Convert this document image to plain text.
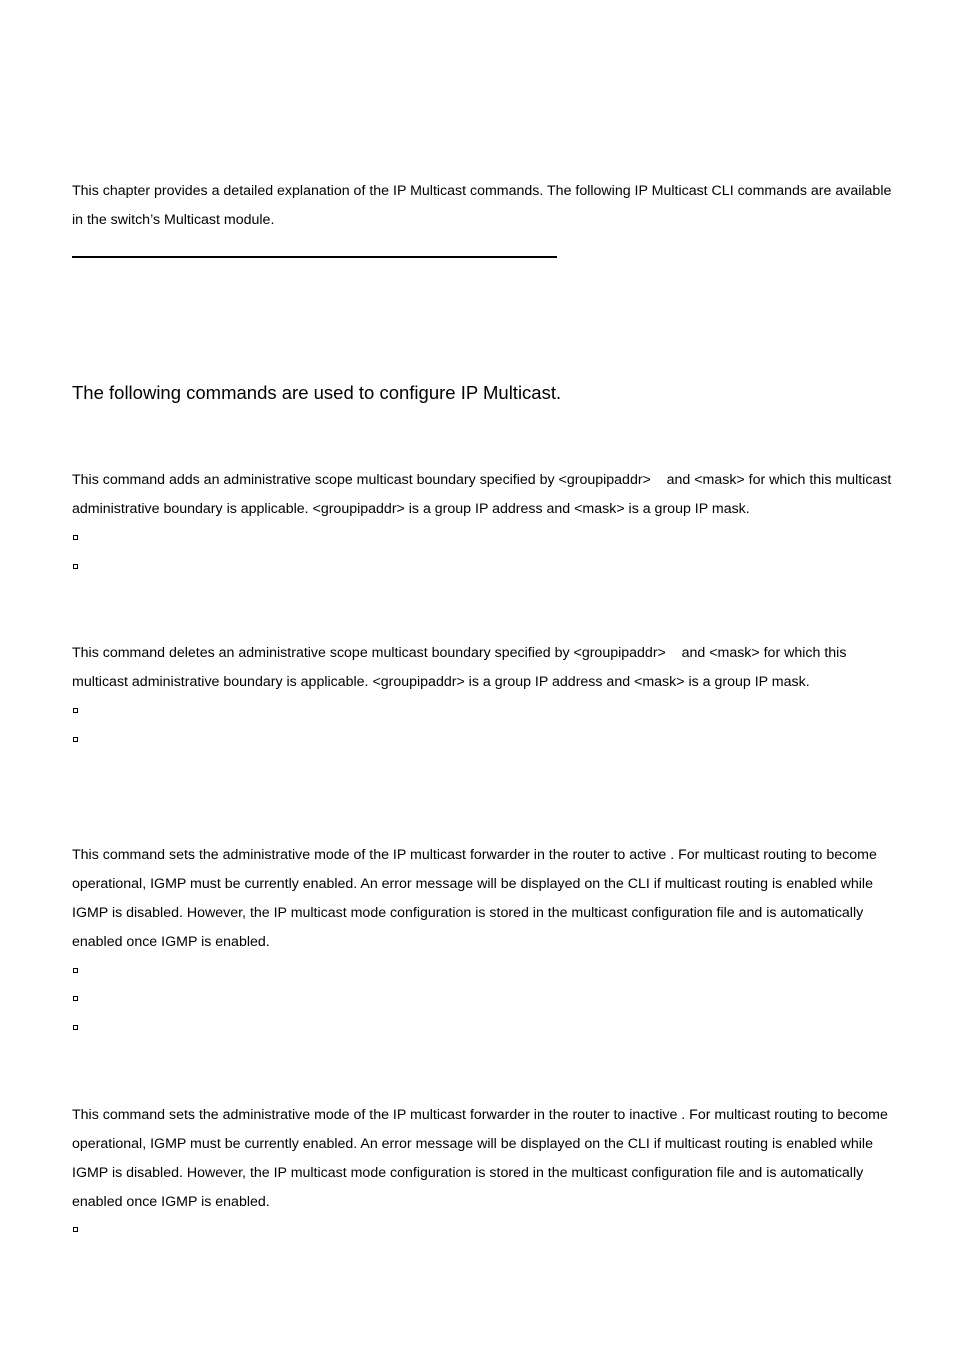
This chapter provides a detailed explanation of the IP Multicast commands. The following IP Multicast CLI commands are available in the switch’s Multicast module.

The following commands are used to configure IP Multicast.

This command adds an administrative scope multicast boundary specified by <groupipaddr>    and <mask> for which this multicast administrative boundary is applicable. <groupipaddr> is a group IP address and <mask> is a group IP mask.

This command deletes an administrative scope multicast boundary specified by <groupipaddr>    and <mask> for which this multicast administrative boundary is applicable. <groupipaddr> is a group IP address and <mask> is a group IP mask.

This command sets the administrative mode of the IP multicast forwarder in the router to active . For multicast routing to become operational, IGMP must be currently enabled. An error message will be displayed on the CLI if multicast routing is enabled while IGMP is disabled. However, the IP multicast mode configuration is stored in the multicast configuration file and is automatically enabled once IGMP is enabled.

This command sets the administrative mode of the IP multicast forwarder in the router to inactive . For multicast routing to become operational, IGMP must be currently enabled. An error message will be displayed on the CLI if multicast routing is enabled while IGMP is disabled. However, the IP multicast mode configuration is stored in the multicast configuration file and is automatically enabled once IGMP is enabled.
